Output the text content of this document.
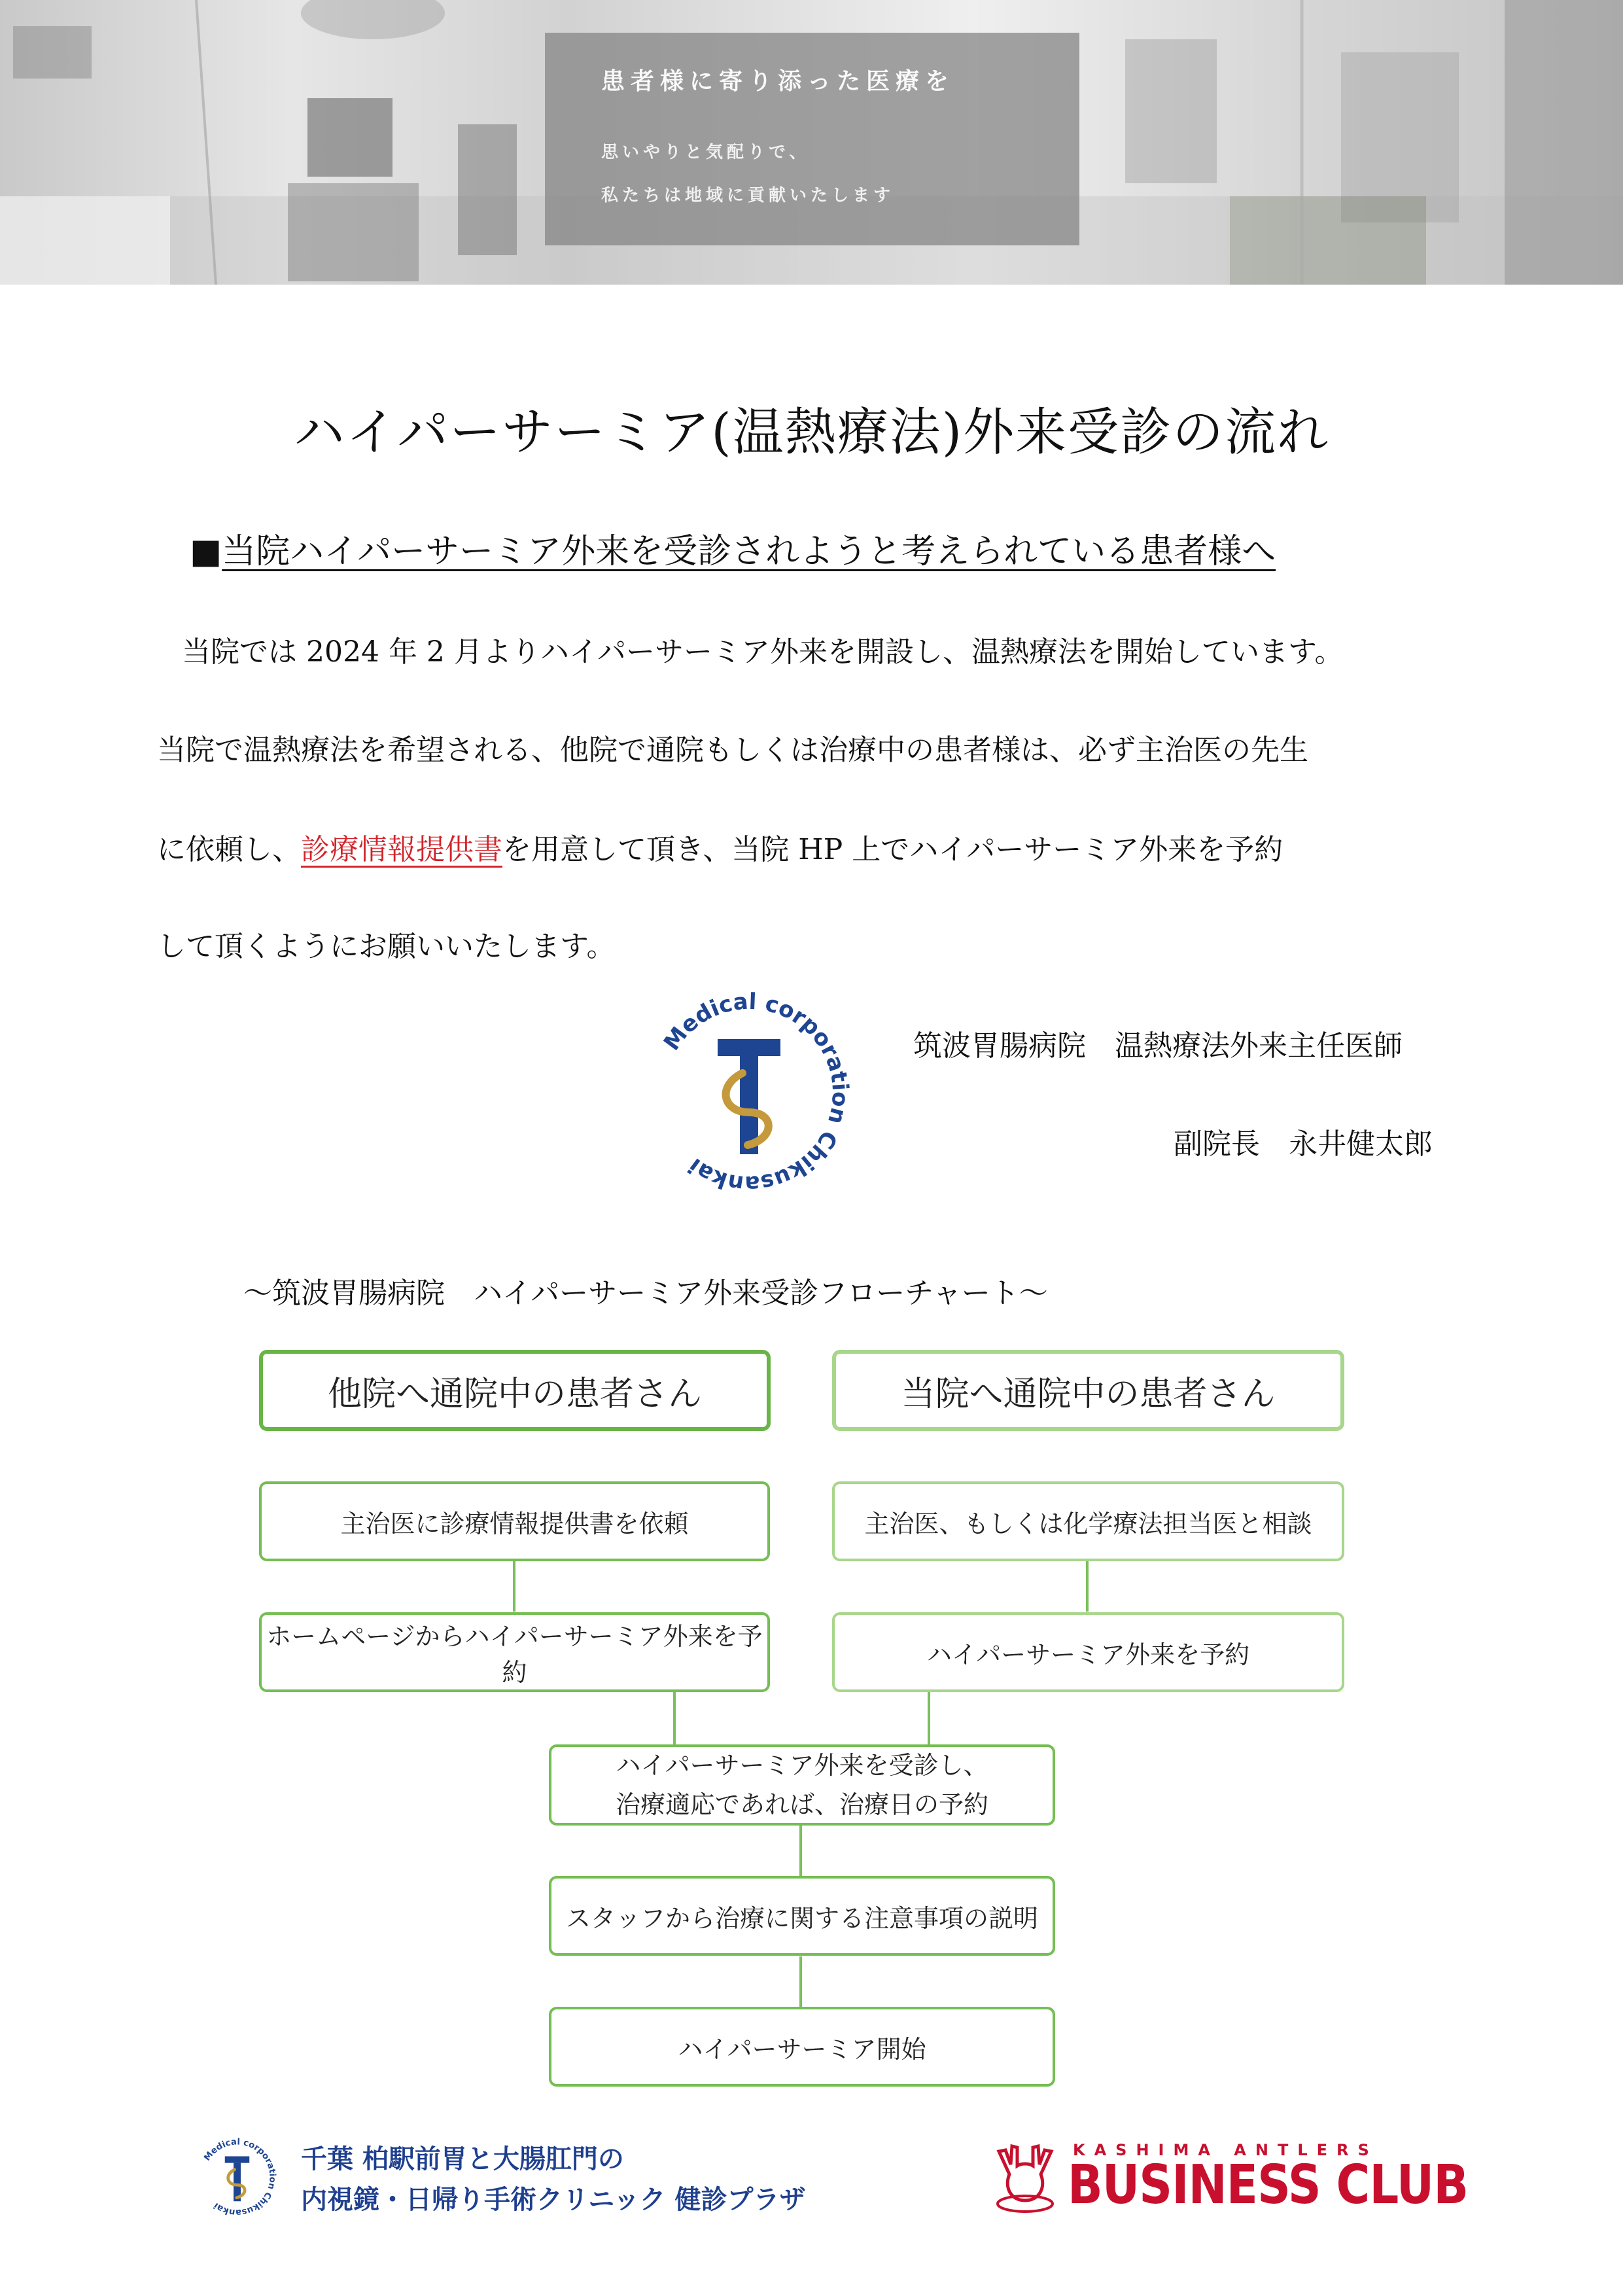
患者様に寄り添った医療を
思いやりと気配りで、
私たちは地域に貢献いたします
ハイパーサーミア(温熱療法)外来受診の流れ
■当院ハイパーサーミア外来を受診されようと考えられている患者様へ
当院では 2024 年 2 月よりハイパーサーミア外来を開設し、温熱療法を開始しています。
当院で温熱療法を希望される、他院で通院もしくは治療中の患者様は、必ず主治医の先生
に依頼し、診療情報提供書を用意して頂き、当院 HP 上でハイパーサーミア外来を予約
して頂くようにお願いいたします。
Medical corporation Chikusankai
筑波胃腸病院　温熱療法外来主任医師
副院長　永井健太郎
～筑波胃腸病院　ハイパーサーミア外来受診フローチャート～
他院へ通院中の患者さん	当院へ通院中の患者さん
主治医に診療情報提供書を依頼	主治医、もしくは化学療法担当医と相談
ホームページからハイパーサーミア外来を予約
ハイパーサーミア外来を予約
ハイパーサーミア外来を受診し、
治療適応であれば、治療日の予約
スタッフから治療に関する注意事項の説明
ハイパーサーミア開始
Medical corporation Chikusankai
千葉 柏駅前胃と大腸肛門の
内視鏡・日帰り手術クリニック 健診プラザ
KASHIMA ANTLERS
BUSINESS CLUB
